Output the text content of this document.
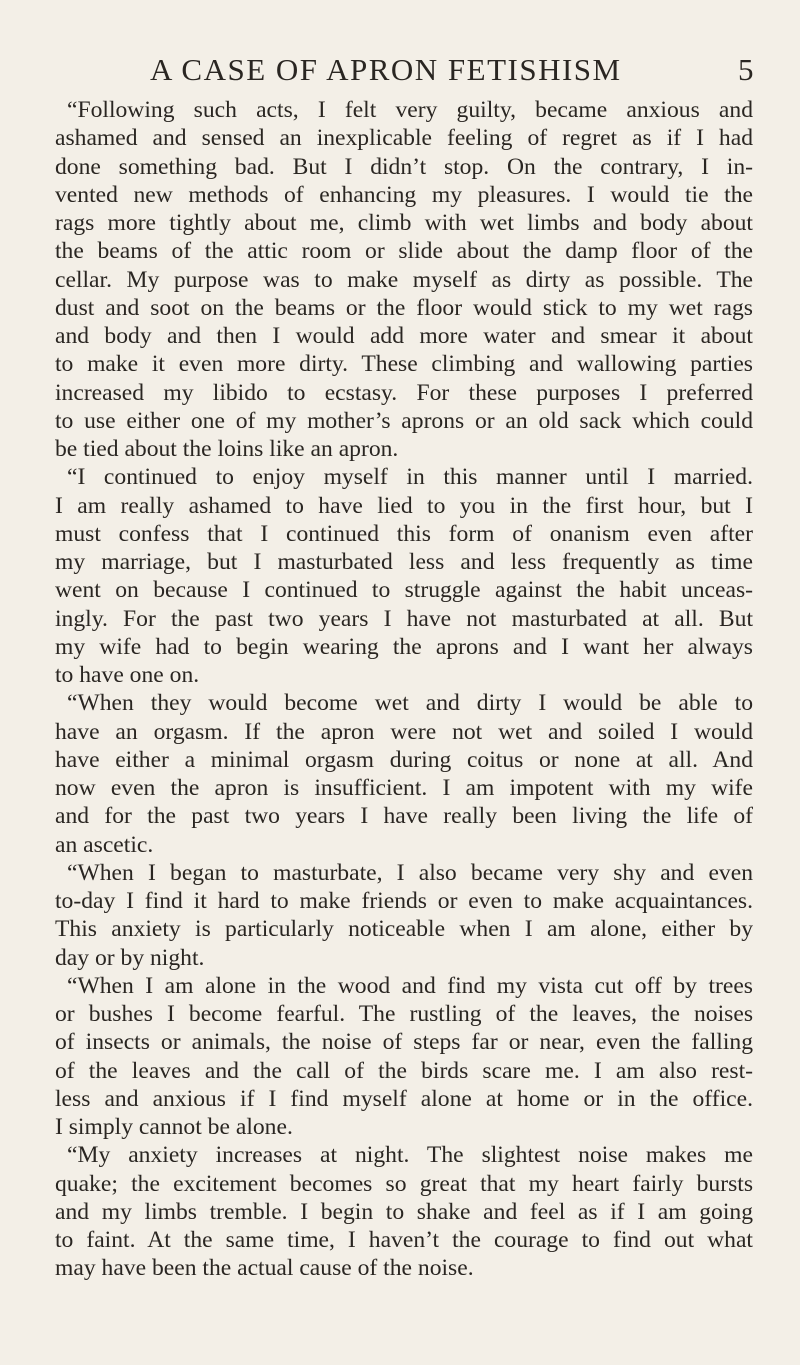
A CASE OF APRON FETISHISM	5
“Following such acts, I felt very guilty, became anxious and
ashamed and sensed an inexplicable feeling of regret as if I had
done something bad. But I didn’t stop. On the contrary, I in-
vented new methods of enhancing my pleasures. I would tie the
rags more tightly about me, climb with wet limbs and body about
the beams of the attic room or slide about the damp floor of the
cellar. My purpose was to make myself as dirty as possible. The
dust and soot on the beams or the floor would stick to my wet rags
and body and then I would add more water and smear it about
to make it even more dirty. These climbing and wallowing parties
increased my libido to ecstasy. For these purposes I preferred
to use either one of my mother’s aprons or an old sack which could
be tied about the loins like an apron.
“I continued to enjoy myself in this manner until I married.
I am really ashamed to have lied to you in the first hour, but I
must confess that I continued this form of onanism even after
my marriage, but I masturbated less and less frequently as time
went on because I continued to struggle against the habit unceas-
ingly. For the past two years I have not masturbated at all. But
my wife had to begin wearing the aprons and I want her always
to have one on.
“When they would become wet and dirty I would be able to
have an orgasm. If the apron were not wet and soiled I would
have either a minimal orgasm during coitus or none at all. And
now even the apron is insufficient. I am impotent with my wife
and for the past two years I have really been living the life of
an ascetic.
“When I began to masturbate, I also became very shy and even
to-day I find it hard to make friends or even to make acquaintances.
This anxiety is particularly noticeable when I am alone, either by
day or by night.
“When I am alone in the wood and find my vista cut off by trees
or bushes I become fearful. The rustling of the leaves, the noises
of insects or animals, the noise of steps far or near, even the falling
of the leaves and the call of the birds scare me. I am also rest-
less and anxious if I find myself alone at home or in the office.
I simply cannot be alone.
“My anxiety increases at night. The slightest noise makes me
quake; the excitement becomes so great that my heart fairly bursts
and my limbs tremble. I begin to shake and feel as if I am going
to faint. At the same time, I haven’t the courage to find out what
may have been the actual cause of the noise.
